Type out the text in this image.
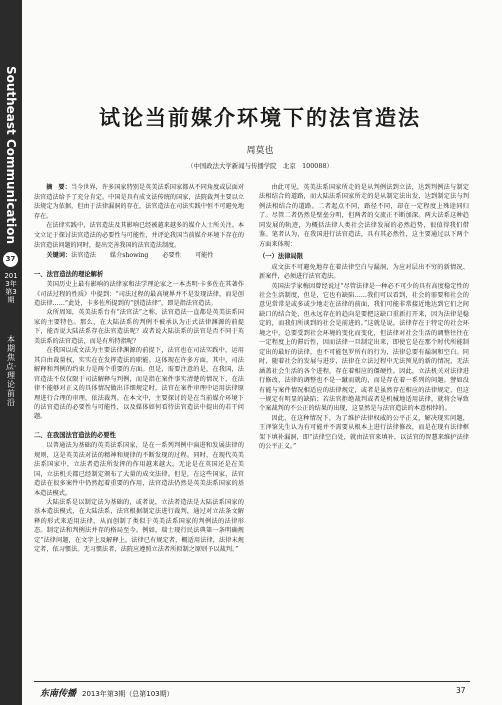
Southeast Communication
37
2013年第3期
本期焦点·理论前沿
试论当前媒介环境下的法官造法
周莫也
（中国政法大学新闻与传播学院　北京　100088）

摘　要：当今世界，许多国家特别是英美法系国家都从不同角度或层面对法官造法给予了充分肯定。中国是具有成文法传统的国家，法院裁判主要以立法规定为依据，但由于法律漏洞的存在，法官造法在司法实践中恒不可避免地存在。

在法律实践中，法官造法及其影响已经被越来越多的媒介人士所关注。本文立足于探讨法官造法的必要性与可能性，并评论我国当前媒介环境下存在的法官造法问题的同时，提出完善我国的法官造法制度。

关键词：法官造法 媒介showing 必要性 可能性

一、法官造法的理论解析

美国历史上最有影响的法律家和法学理论家之一本杰明·卡多佐在其著作《司法过程的性质》中提到：“司法过程的最高境界并不是发现法律，而是创造法律……”此处，卡多佐所提到的“创造法律”，即是指法官造法。

众所周知，英美法系台有“法官法”之称，法官造法一直都是英美法系国家的主要特色。那么，在大陆法系的判例不被承认为正式法律渊源的前提下，能否说大陆法系存在法官造法呢？或者说大陆法系的法官是否不同于英美法系的法官造法，而是有所特指呢？

在我国以成文法为主要法律渊源的前提下，法官也在司法实践中，运用其自由裁量权，实实在在发挥造法的职能。这体现在许多方面，其中，司法解释和判例的约束力是两个重要的方面。但是，需要注意的是，在我国，法官造法不仅仅限于司法解释与判例，而是指在案件事实清楚的情况下，在法律不能够对正义的具体情况做出详细规定时，法官在案件审理中运用法律原理进行合理的审理，依法裁判。在本文中，主要探讨的是在当前媒介环境下的法官造法的必要性与可能性，以及媒体如何看待法官造法中提出的若干问题。

二、在我国法官造法的必要性

以普通法为基础的英美法系国家，是在一系列判例中演进和发展法律的规则，这是英美法对法的精神和规律的不断发现的过程。同时，在现代英美法系国家中，立法者造法所发挥的作用越来越大。无论是在英国还是在美国，立法机关都已经制定颁布了大量的成文法律。但是，在这些国家，法官造法在很多案件中仍然起着重要的作用，法官造法仍然是英美法系国家的基本造法模式。

大陆法系是以制定法为基础的，或者说，立法者造法是大陆法系国家的基本造法模式，在大陆法系，法官根据制定法进行裁判，通过对立法条文解释的形式来适用法律，从而创制了类似于英美法系国家的判例法的法律形态。制定法和判例法并存的格局至今。例如，瑞士现行民法典第一条明确规定“法律问题，在文字上及解释上，法律已有规定者，概适用法律，法律未规定者，依习惯法。无习惯法者，法院应遵照立法者所拟制之原则予以裁判。”

由此可见，英美法系国家所走的是从判例法到立法，达到判例法与制定法相结合的道路，而大陆法系国家所走的是从制定法出发，达到制定法与判例法相结合的道路。二者起点不同，路径不同，却在一定程度上殊途同归了。尽管二者仍然是壁垒分明，但两者的交流正不断加深。两大法系这种趋同发展的轨迹，为概括法律人类社会法律发展的必然趋势，很值得我们借鉴。笔者认为，在我国进行法官造法，具有其必然性，这主要通过以下两个方面来体现：

（一）法律局限

成文法不可避免地存在着法律空白与漏洞，为应对层出不穷的新情况、新案件，必须进行法官造法。

英国法学家梅因曾经说过“尽管法律是一种必不可少的具有高度稳定性的社会生活制度，但是，它也有缺陷……我们可以看到，社会的需要和社会的意见常常是或多或少地走在法律的前面，我们可能非常接近地达到它们之间缺口的结合处，但永远存在的趋向是要把这缺口重新打开来，因为法律是稳定的，而我们所谈到的社会是前进的。”这就是说，法律存在于特定的社会环境之中，总要受到社会环境的变化而变化，但法律对社会生活的调整往往在一定程度上的滞后性，因而法律一旦制定出来，即使它是在那个时代所能制定出的最好的法律，也不可能包罗所有的行为，法律总要有漏洞和空白。同时，随着社会的发展与进步，法律在立法过程中无法预见的新的情况，无法涵盖社会生活的各个进程，存在着相应的僵硬性。因此，立法机关对法律进行修改，法律的调整也不是一蹴而就的，而是存在着一系列的问题。譬如没有能与案件情况相适应的法律规定，或者是虽然存在相应的法律规定，但这一规定有明显的缺陷；若法官拒绝裁判或者是机械地适用法律，就将会导致个案裁判的不公正的结果的出现，这显然是与法官造法的本意相悖的。

因此，在这种情况下，为了维护法律权威的公平正义，解决现实问题，王泽鉴先生认为有可能并不需要从根本上进行法律修改，而是在现有法律框架下填补漏洞，即“法律空白处，就由法官来填补，以法官的智慧来维护法律的公平正义。”

东南传播 2013年第3期（总第103期）	37
